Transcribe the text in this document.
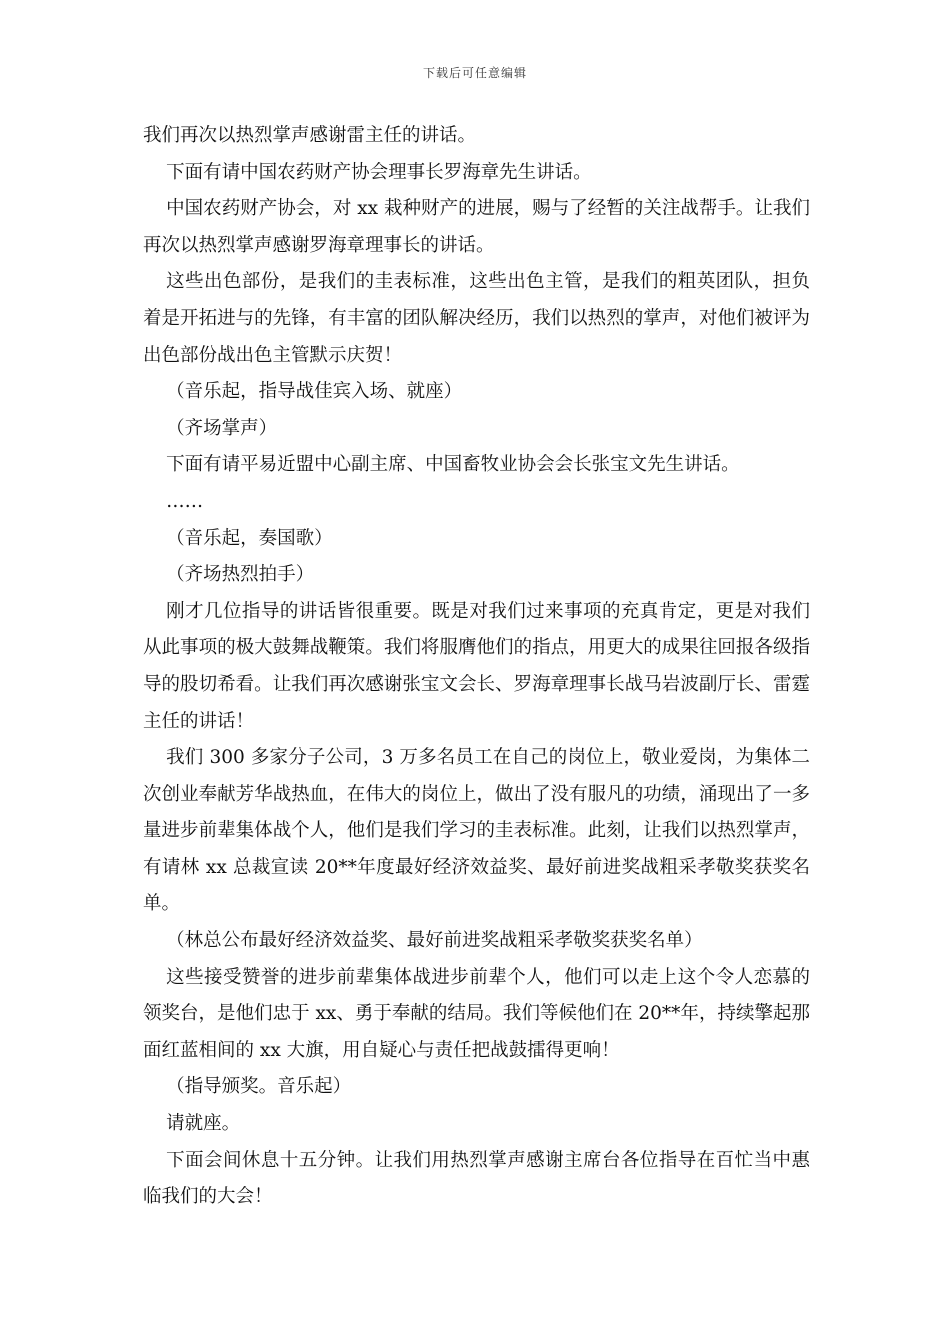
下载后可任意编辑

我们再次以热烈掌声感谢雷主任的讲话。

下面有请中国农药财产协会理事长罗海章先生讲话。

中国农药财产协会，对 xx 栽种财产的进展，赐与了经暂的关注战帮手。让我们再次以热烈掌声感谢罗海章理事长的讲话。

这些出色部份，是我们的圭表标准，这些出色主管，是我们的粗英团队，担负着是开拓进与的先锋，有丰富的团队解决经历，我们以热烈的掌声，对他们被评为出色部份战出色主管默示庆贺！

（音乐起，指导战佳宾入场、就座）

（齐场掌声）

下面有请平易近盟中心副主席、中国畜牧业协会会长张宝文先生讲话。

……

（音乐起，奏国歌）

（齐场热烈拍手）

刚才几位指导的讲话皆很重要。既是对我们过来事项的充真肯定，更是对我们从此事项的极大鼓舞战鞭策。我们将服膺他们的指点，用更大的成果往回报各级指导的股切希看。让我们再次感谢张宝文会长、罗海章理事长战马岩波副厅长、雷霆主任的讲话！

我们 300 多家分子公司，3 万多名员工在自己的岗位上，敬业爱岗，为集体二次创业奉献芳华战热血，在伟大的岗位上，做出了没有服凡的功绩，涌现出了一多量进步前辈集体战个人，他们是我们学习的圭表标准。此刻，让我们以热烈掌声，有请林 xx 总裁宣读 20**年度最好经济效益奖、最好前进奖战粗采孝敬奖获奖名单。

（林总公布最好经济效益奖、最好前进奖战粗采孝敬奖获奖名单）

这些接受赞誉的进步前辈集体战进步前辈个人，他们可以走上这个令人恋慕的领奖台，是他们忠于 xx、勇于奉献的结局。我们等候他们在 20**年，持续擎起那面红蓝相间的 xx 大旗，用自疑心与责任把战鼓擂得更响！

（指导颁奖。音乐起）

请就座。

下面会间休息十五分钟。让我们用热烈掌声感谢主席台各位指导在百忙当中惠临我们的大会！
